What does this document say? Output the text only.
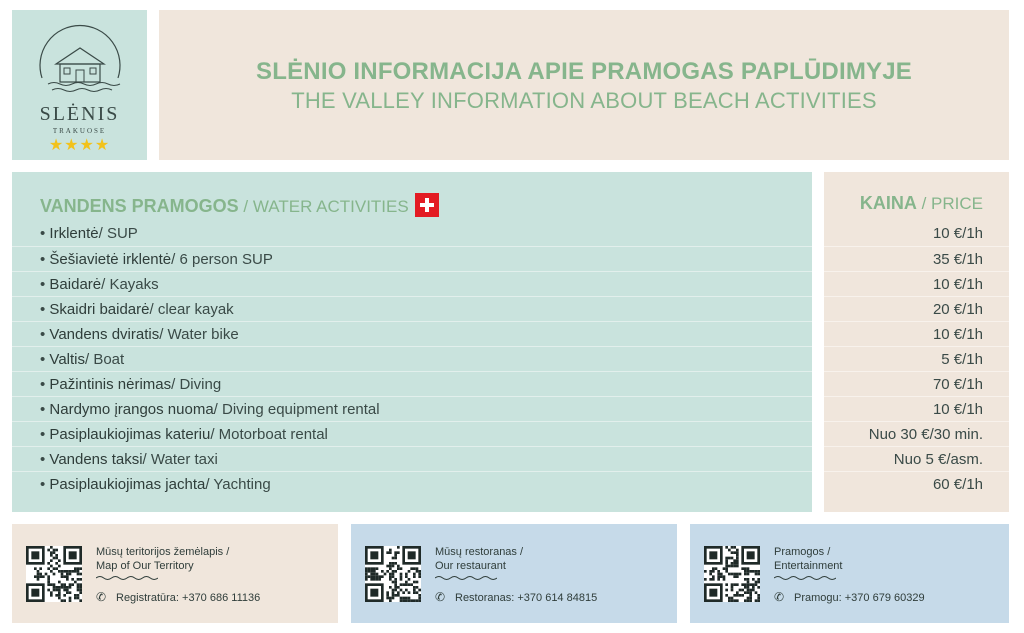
SLĖNIS
TRAKUOSE
★★★★
SLĖNIO INFORMACIJA APIE PRAMOGAS PAPLŪDIMYJE
THE VALLEY INFORMATION ABOUT BEACH ACTIVITIES
VANDENS PRAMOGOS / WATER ACTIVITIES
• Irklentė / SUP
• Šešiavietė irklentė / 6 person SUP
• Baidarė / Kayaks
• Skaidri baidarė / clear kayak
• Vandens dviratis / Water bike
• Valtis / Boat
• Pažintinis nėrimas / Diving
• Nardymo įrangos nuoma / Diving equipment rental
• Pasiplaukiojimas kateriu / Motorboat rental
• Vandens taksi / Water taxi
• Pasiplaukiojimas jachta / Yachting
KAINA / PRICE
10 €/1h
35 €/1h
10 €/1h
20 €/1h
10 €/1h
5 €/1h
70 €/1h
10 €/1h
Nuo 30 €/30 min.
Nuo 5 €/asm.
60 €/1h
Mūsų teritorijos žemėlapis /
Map of Our Territory
✆ Registratūra: +370 686 11136
Mūsų restoranas /
Our restaurant
✆ Restoranas: +370 614 84815
Pramogos /
Entertainment
✆ Pramogu: +370 679 60329
